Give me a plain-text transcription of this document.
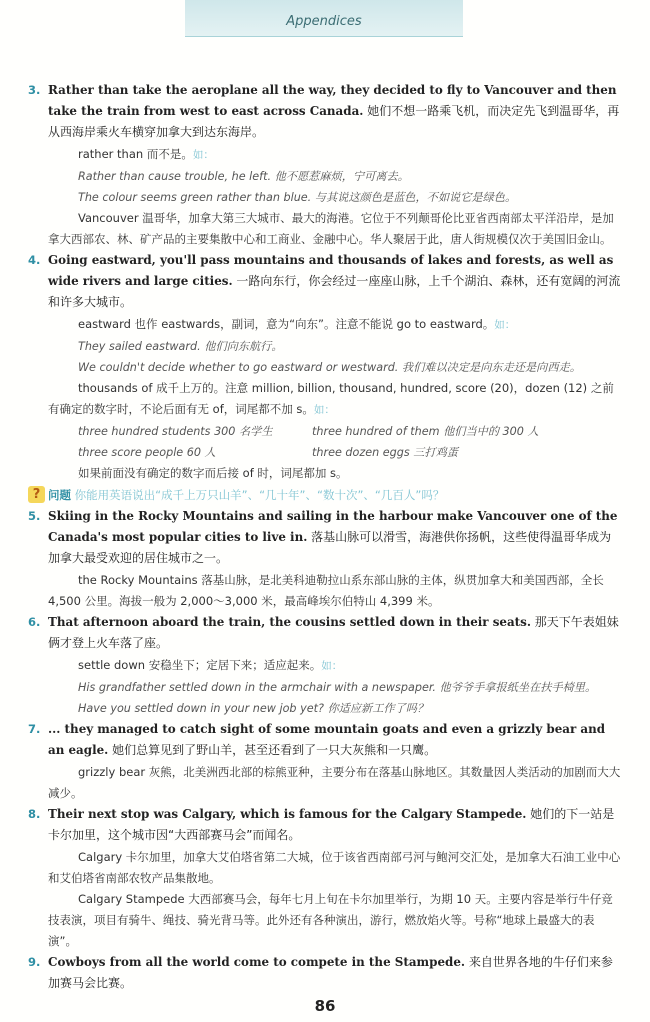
Appendices
3. Rather than take the aeroplane all the way, they decided to fly to Vancouver and then take the train from west to east across Canada. 她们不想一路乘飞机，而决定先飞到温哥华，再从西海岸乘火车横穿加拿大到达东海岸。
rather than 而不是。如：
Rather than cause trouble, he left. 他不愿惹麻烦，宁可离去。
The colour seems green rather than blue. 与其说这颜色是蓝色，不如说它是绿色。
Vancouver 温哥华，加拿大第三大城市、最大的海港。它位于不列颠哥伦比亚省西南部太平洋沿岸，是加拿大西部农、林、矿产品的主要集散中心和工商业、金融中心。华人聚居于此，唐人街规模仅次于美国旧金山。
4. Going eastward, you'll pass mountains and thousands of lakes and forests, as well as wide rivers and large cities. 一路向东行，你会经过一座座山脉，上千个湖泊、森林，还有宽阔的河流和许多大城市。
eastward 也作 eastwards，副词，意为“向东”。注意不能说 go to eastward。如：
They sailed eastward. 他们向东航行。
We couldn't decide whether to go eastward or westward. 我们难以决定是向东走还是向西走。
thousands of 成千上万的。注意 million, billion, thousand, hundred, score (20)，dozen (12) 之前有确定的数字时，不论后面有无 of，词尾都不加 s。如：
three hundred students 300 名学生	three hundred of them 他们当中的 300 人
three score people 60 人	three dozen eggs 三打鸡蛋
如果前面没有确定的数字而后接 of 时，词尾都加 s。
? 问题 你能用英语说出“成千上万只山羊”、“几十年”、“数十次”、“几百人”吗？
5. Skiing in the Rocky Mountains and sailing in the harbour make Vancouver one of the Canada's most popular cities to live in. 落基山脉可以滑雪，海港供你扬帆，这些使得温哥华成为加拿大最受欢迎的居住城市之一。
the Rocky Mountains 落基山脉，是北美科迪勒拉山系东部山脉的主体，纵贯加拿大和美国西部，全长 4,500 公里。海拔一般为 2,000～3,000 米，最高峰埃尔伯特山 4,399 米。
6. That afternoon aboard the train, the cousins settled down in their seats. 那天下午表姐妹俩才登上火车落了座。
settle down 安稳坐下；定居下来；适应起来。如：
His grandfather settled down in the armchair with a newspaper. 他爷爷手拿报纸坐在扶手椅里。
Have you settled down in your new job yet? 你适应新工作了吗？
7. ... they managed to catch sight of some mountain goats and even a grizzly bear and an eagle. 她们总算见到了野山羊，甚至还看到了一只大灰熊和一只鹰。
grizzly bear 灰熊，北美洲西北部的棕熊亚种，主要分布在落基山脉地区。其数量因人类活动的加剧而大大减少。
8. Their next stop was Calgary, which is famous for the Calgary Stampede. 她们的下一站是卡尔加里，这个城市因“大西部赛马会”而闻名。
Calgary 卡尔加里，加拿大艾伯塔省第二大城，位于该省西南部弓河与鲍河交汇处，是加拿大石油工业中心和艾伯塔省南部农牧产品集散地。
Calgary Stampede 大西部赛马会，每年七月上旬在卡尔加里举行，为期 10 天。主要内容是举行牛仔竞技表演，项目有骑牛、绳技、骑光背马等。此外还有各种演出，游行，燃放焰火等。号称“地球上最盛大的表演”。
9. Cowboys from all the world come to compete in the Stampede. 来自世界各地的牛仔们来参加赛马会比赛。
86
